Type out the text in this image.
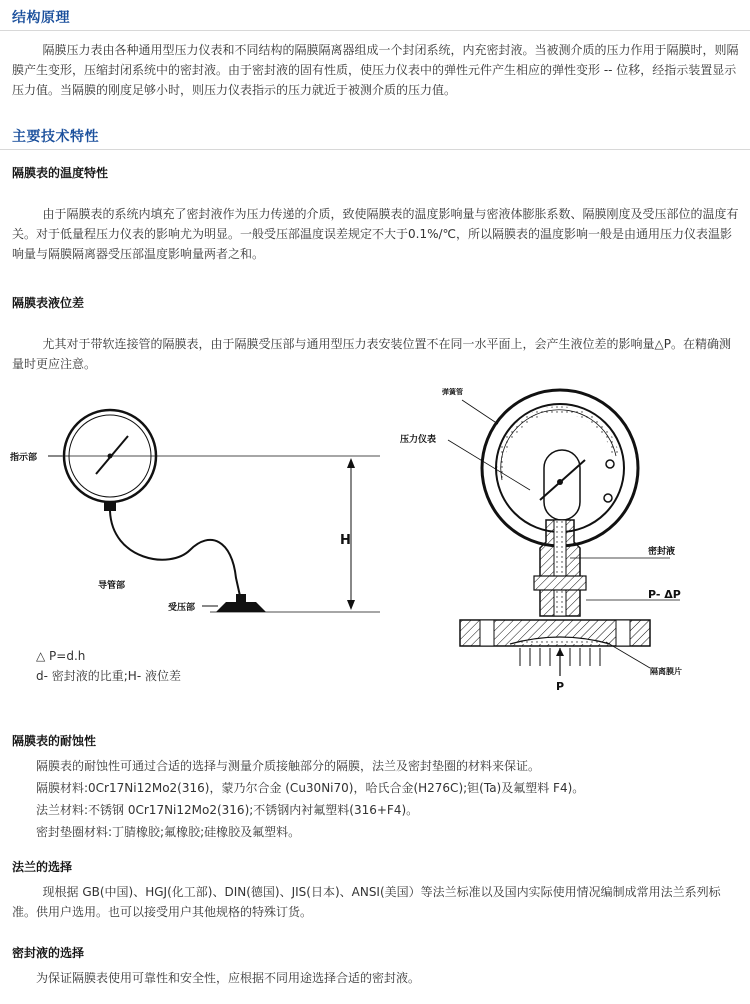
结构原理

隔膜压力表由各种通用型压力仪表和不同结构的隔膜隔离器组成一个封闭系统，内充密封液。当被测介质的压力作用于隔膜时，则隔膜产生变形，压缩封闭系统中的密封液。由于密封液的固有性质，使压力仪表中的弹性元件产生相应的弹性变形 -- 位移，经指示装置显示压力值。当隔膜的刚度足够小时，则压力仪表指示的压力就近于被测介质的压力值。

主要技术特性
隔膜表的温度特性

由于隔膜表的系统内填充了密封液作为压力传递的介质，致使隔膜表的温度影响量与密液体膨胀系数、隔膜刚度及受压部位的温度有关。对于低量程压力仪表的影响尤为明显。一般受压部温度误差规定不大于0.1%/℃，所以隔膜表的温度影响一般是由通用压力仪表温影响量与隔膜隔离器受压部温度影响量两者之和。

隔膜表液位差

尤其对于带软连接管的隔膜表，由于隔膜受压部与通用型压力表安装位置不在同一水平面上，会产生液位差的影响量△P。在精确测量时更应注意。

H
指示部
导管部
受压部
△ P=d.h
d- 密封液的比重;H- 液位差
弹簧管
压力仪表
密封液
P- ΔP
隔离膜片
P
隔膜表的耐蚀性
隔膜表的耐蚀性可通过合适的选择与测量介质接触部分的隔膜，法兰及密封垫圈的材料来保证。
隔膜材料:0Cr17Ni12Mo2(316)，蒙乃尔合金 (Cu30Ni70)，哈氏合金(H276C);钽(Ta)及氟塑料 F4)。
法兰材料:不锈钢 0Cr17Ni12Mo2(316);不锈钢内衬氟塑料(316+F4)。
密封垫圈材料:丁腈橡胶;氟橡胶;硅橡胶及氟塑料。
法兰的选择

现根据 GB(中国)、HGJ(化工部)、DIN(德国)、JIS(日本)、ANSI(美国）等法兰标准以及国内实际使用情况编制成常用法兰系列标准。供用户选用。也可以接受用户其他规格的特殊订货。

密封液的选择

为保证隔膜表使用可靠性和安全性，应根据不同用途选择合适的密封液。
